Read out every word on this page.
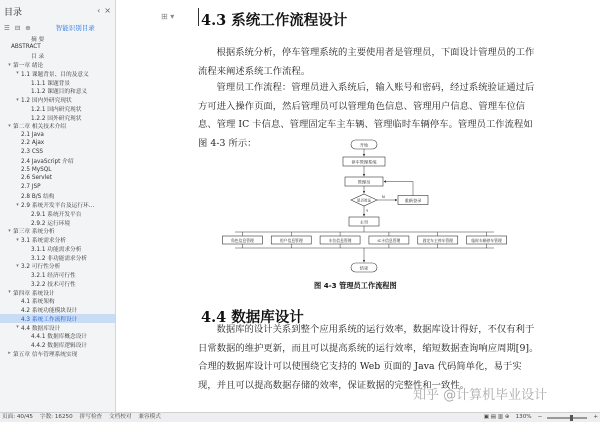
目录	‹ ×
☰ ⊟ ⊕	智能识别目录
摘 要
ABSTRACT
目 录
▾ 第一章 绪论
▾ 1.1 课题背景、目的及意义
1.1.1 课题背景
1.1.2 课题目的和意义
▾ 1.2 国内外研究现状
1.2.1 国内研究现状
1.2.2 国外研究现状
▾ 第二章 相关技术介绍
2.1 Java
2.2 Ajax
2.3 CSS
2.4 JavaScript 介绍
2.5 MySQL
2.6 Servlet
2.7 JSP
2.8 B/S 结构
▾ 2.9 系统开发平台及运行环...
2.9.1 系统开发平台
2.9.2 运行环境
▾ 第三章 系统分析
▾ 3.1 系统需求分析
3.1.1 功能需求分析
3.1.2 非功能需求分析
▾ 3.2 可行性分析
3.2.1 经济可行性
3.2.2 技术可行性
▾ 第四章 系统设计
4.1 系统架构
4.2 系统功能模块设计
4.3 系统工作流程设计
▾ 4.4 数据库设计
4.4.1 数据库概念设计
4.4.2 数据库逻辑设计
▸ 第五章 信车管理系统实现
⊞ ▾ 4.3 系统工作流程设计

根据系统分析，停车管理系统的主要使用者是管理员，下面设计管理员的工作流程来阐述系统工作流程。

管理员工作流程：管理员进入系统后，输入账号和密码，经过系统验证通过后方可进入操作页面，然后管理员可以管理角色信息、管理用户信息、管理车位信息、管理 IC 卡信息、管理固定车主车辆、管理临时车辆停车。管理员工作流程如图 4-3 所示：	开始
停车管理系统
管理员
是否验证
N
Y
重新登录
主页
角色信息管理	用户信息管理	车位信息管理	IC卡信息管理	固定车主停车管理	临时车辆停车管理
结束
图 4-3 管理员工作流程图
4.4 数据库设计

数据库的设计关系到整个应用系统的运行效率，数据库设计得好，不仅有利于日常数据的维护更新，而且可以提高系统的运行效率，缩短数据查询响应周期[9]。合理的数据库设计可以使围绕它支持的 Web 页面的 Java 代码简单化，易于实现，并且可以提高数据存储的效率，保证数据的完整性和一致性。

知乎 @计算机毕业设计
页面: 40/45 字数: 16250 拼写检查 文档校对 兼容模式	▣ ▤ ▥ ⊕ 130% −	+
